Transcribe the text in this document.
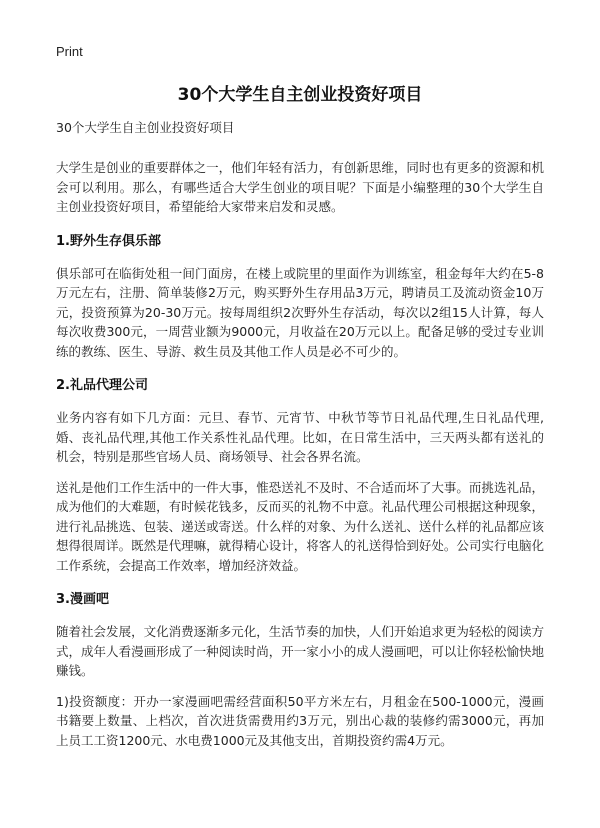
Print
30个大学生自主创业投资好项目
30个大学生自主创业投资好项目

大学生是创业的重要群体之一，他们年轻有活力，有创新思维，同时也有更多的资源和机会可以利用。那么，有哪些适合大学生创业的项目呢？下面是小编整理的30个大学生自主创业投资好项目，希望能给大家带来启发和灵感。

1.野外生存俱乐部

俱乐部可在临街处租一间门面房，在楼上或院里的里面作为训练室，租金每年大约在5-8万元左右，注册、简单装修2万元，购买野外生存用品3万元，聘请员工及流动资金10万元，投资预算为20-30万元。按每周组织2次野外生存活动，每次以2组15人计算，每人每次收费300元，一周营业额为9000元，月收益在20万元以上。配备足够的受过专业训练的教练、医生、导游、救生员及其他工作人员是必不可少的。

2.礼品代理公司

业务内容有如下几方面：元旦、春节、元宵节、中秋节等节日礼品代理,生日礼品代理,婚、丧礼品代理,其他工作关系性礼品代理。比如，在日常生活中，三天两头都有送礼的机会，特别是那些官场人员、商场领导、社会各界名流。

送礼是他们工作生活中的一件大事，惟恐送礼不及时、不合适而坏了大事。而挑选礼品，成为他们的大难题，有时候花钱多，反而买的礼物不中意。礼品代理公司根据这种现象，进行礼品挑选、包装、递送或寄送。什么样的对象、为什么送礼、送什么样的礼品都应该想得很周详。既然是代理嘛，就得精心设计，将客人的礼送得恰到好处。公司实行电脑化工作系统，会提高工作效率，增加经济效益。

3.漫画吧

随着社会发展，文化消费逐渐多元化，生活节奏的加快，人们开始追求更为轻松的阅读方式，成年人看漫画形成了一种阅读时尚，开一家小小的成人漫画吧，可以让你轻松愉快地赚钱。

1)投资额度：开办一家漫画吧需经营面积50平方米左右，月租金在500-1000元，漫画书籍要上数量、上档次，首次进货需费用约3万元，别出心裁的装修约需3000元，再加上员工工资1200元、水电费1000元及其他支出，首期投资约需4万元。
